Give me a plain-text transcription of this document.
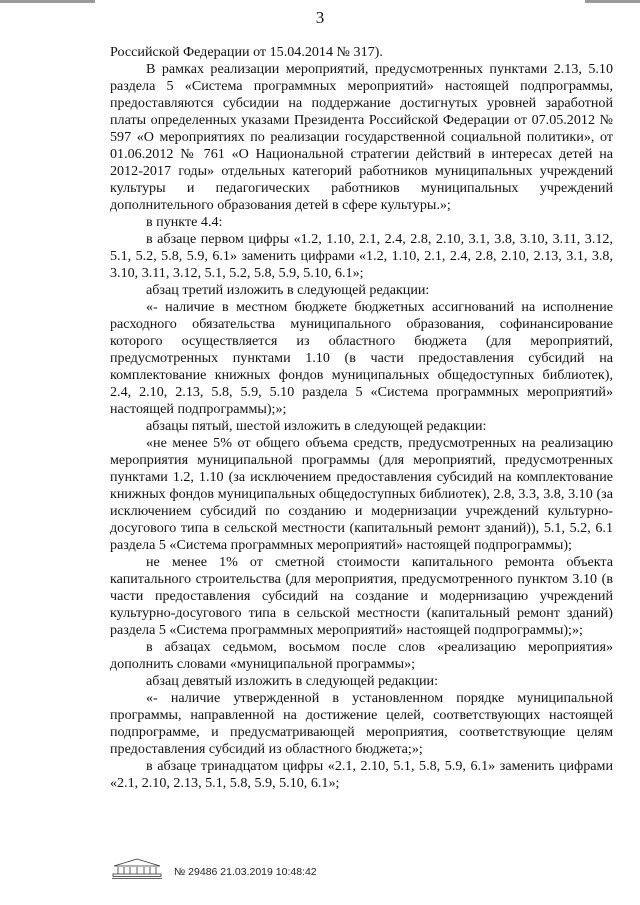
3

Российской Федерации от 15.04.2014 № 317).

В рамках реализации мероприятий, предусмотренных пунктами 2.13, 5.10 раздела 5 «Система программных мероприятий» настоящей подпрограммы, предоставляются субсидии на поддержание достигнутых уровней заработной платы определенных указами Президента Российской Федерации от 07.05.2012 № 597 «О мероприятиях по реализации государственной социальной политики», от 01.06.2012 № 761 «О Национальной стратегии действий в интересах детей на 2012-2017 годы» отдельных категорий работников муниципальных учреждений культуры и педагогических работников муниципальных учреждений дополнительного образования детей в сфере культуры.»;

в пункте 4.4:

в абзаце первом цифры «1.2, 1.10, 2.1, 2.4, 2.8, 2.10, 3.1, 3.8, 3.10, 3.11, 3.12, 5.1, 5.2, 5.8, 5.9, 6.1» заменить цифрами «1.2, 1.10, 2.1, 2.4, 2.8, 2.10, 2.13, 3.1, 3.8, 3.10, 3.11, 3.12, 5.1, 5.2, 5.8, 5.9, 5.10, 6.1»;

абзац третий изложить в следующей редакции:

«- наличие в местном бюджете бюджетных ассигнований на исполнение расходного обязательства муниципального образования, софинансирование которого осуществляется из областного бюджета (для мероприятий, предусмотренных пунктами 1.10 (в части предоставления субсидий на комплектование книжных фондов муниципальных общедоступных библиотек), 2.4, 2.10, 2.13, 5.8, 5.9, 5.10 раздела 5 «Система программных мероприятий» настоящей подпрограммы);»;

абзацы пятый, шестой изложить в следующей редакции:

«не менее 5% от общего объема средств, предусмотренных на реализацию мероприятия муниципальной программы (для мероприятий, предусмотренных пунктами 1.2, 1.10 (за исключением предоставления субсидий на комплектование книжных фондов муниципальных общедоступных библиотек), 2.8, 3.3, 3.8, 3.10 (за исключением субсидий по созданию и модернизации учреждений культурно-досугового типа в сельской местности (капитальный ремонт зданий)), 5.1, 5.2, 6.1 раздела 5 «Система программных мероприятий» настоящей подпрограммы);

не менее 1% от сметной стоимости капитального ремонта объекта капитального строительства (для мероприятия, предусмотренного пунктом 3.10 (в части предоставления субсидий на создание и модернизацию учреждений культурно-досугового типа в сельской местности (капитальный ремонт зданий) раздела 5 «Система программных мероприятий» настоящей подпрограммы);»;

в абзацах седьмом, восьмом после слов «реализацию мероприятия» дополнить словами «муниципальной программы»;

абзац девятый изложить в следующей редакции:

«- наличие утвержденной в установленном порядке муниципальной программы, направленной на достижение целей, соответствующих настоящей подпрограмме, и предусматривающей мероприятия, соответствующие целям предоставления субсидий из областного бюджета;»;

в абзаце тринадцатом цифры «2.1, 2.10, 5.1, 5.8, 5.9, 6.1» заменить цифрами «2.1, 2.10, 2.13, 5.1, 5.8, 5.9, 5.10, 6.1»;

№ 29486 21.03.2019 10:48:42
